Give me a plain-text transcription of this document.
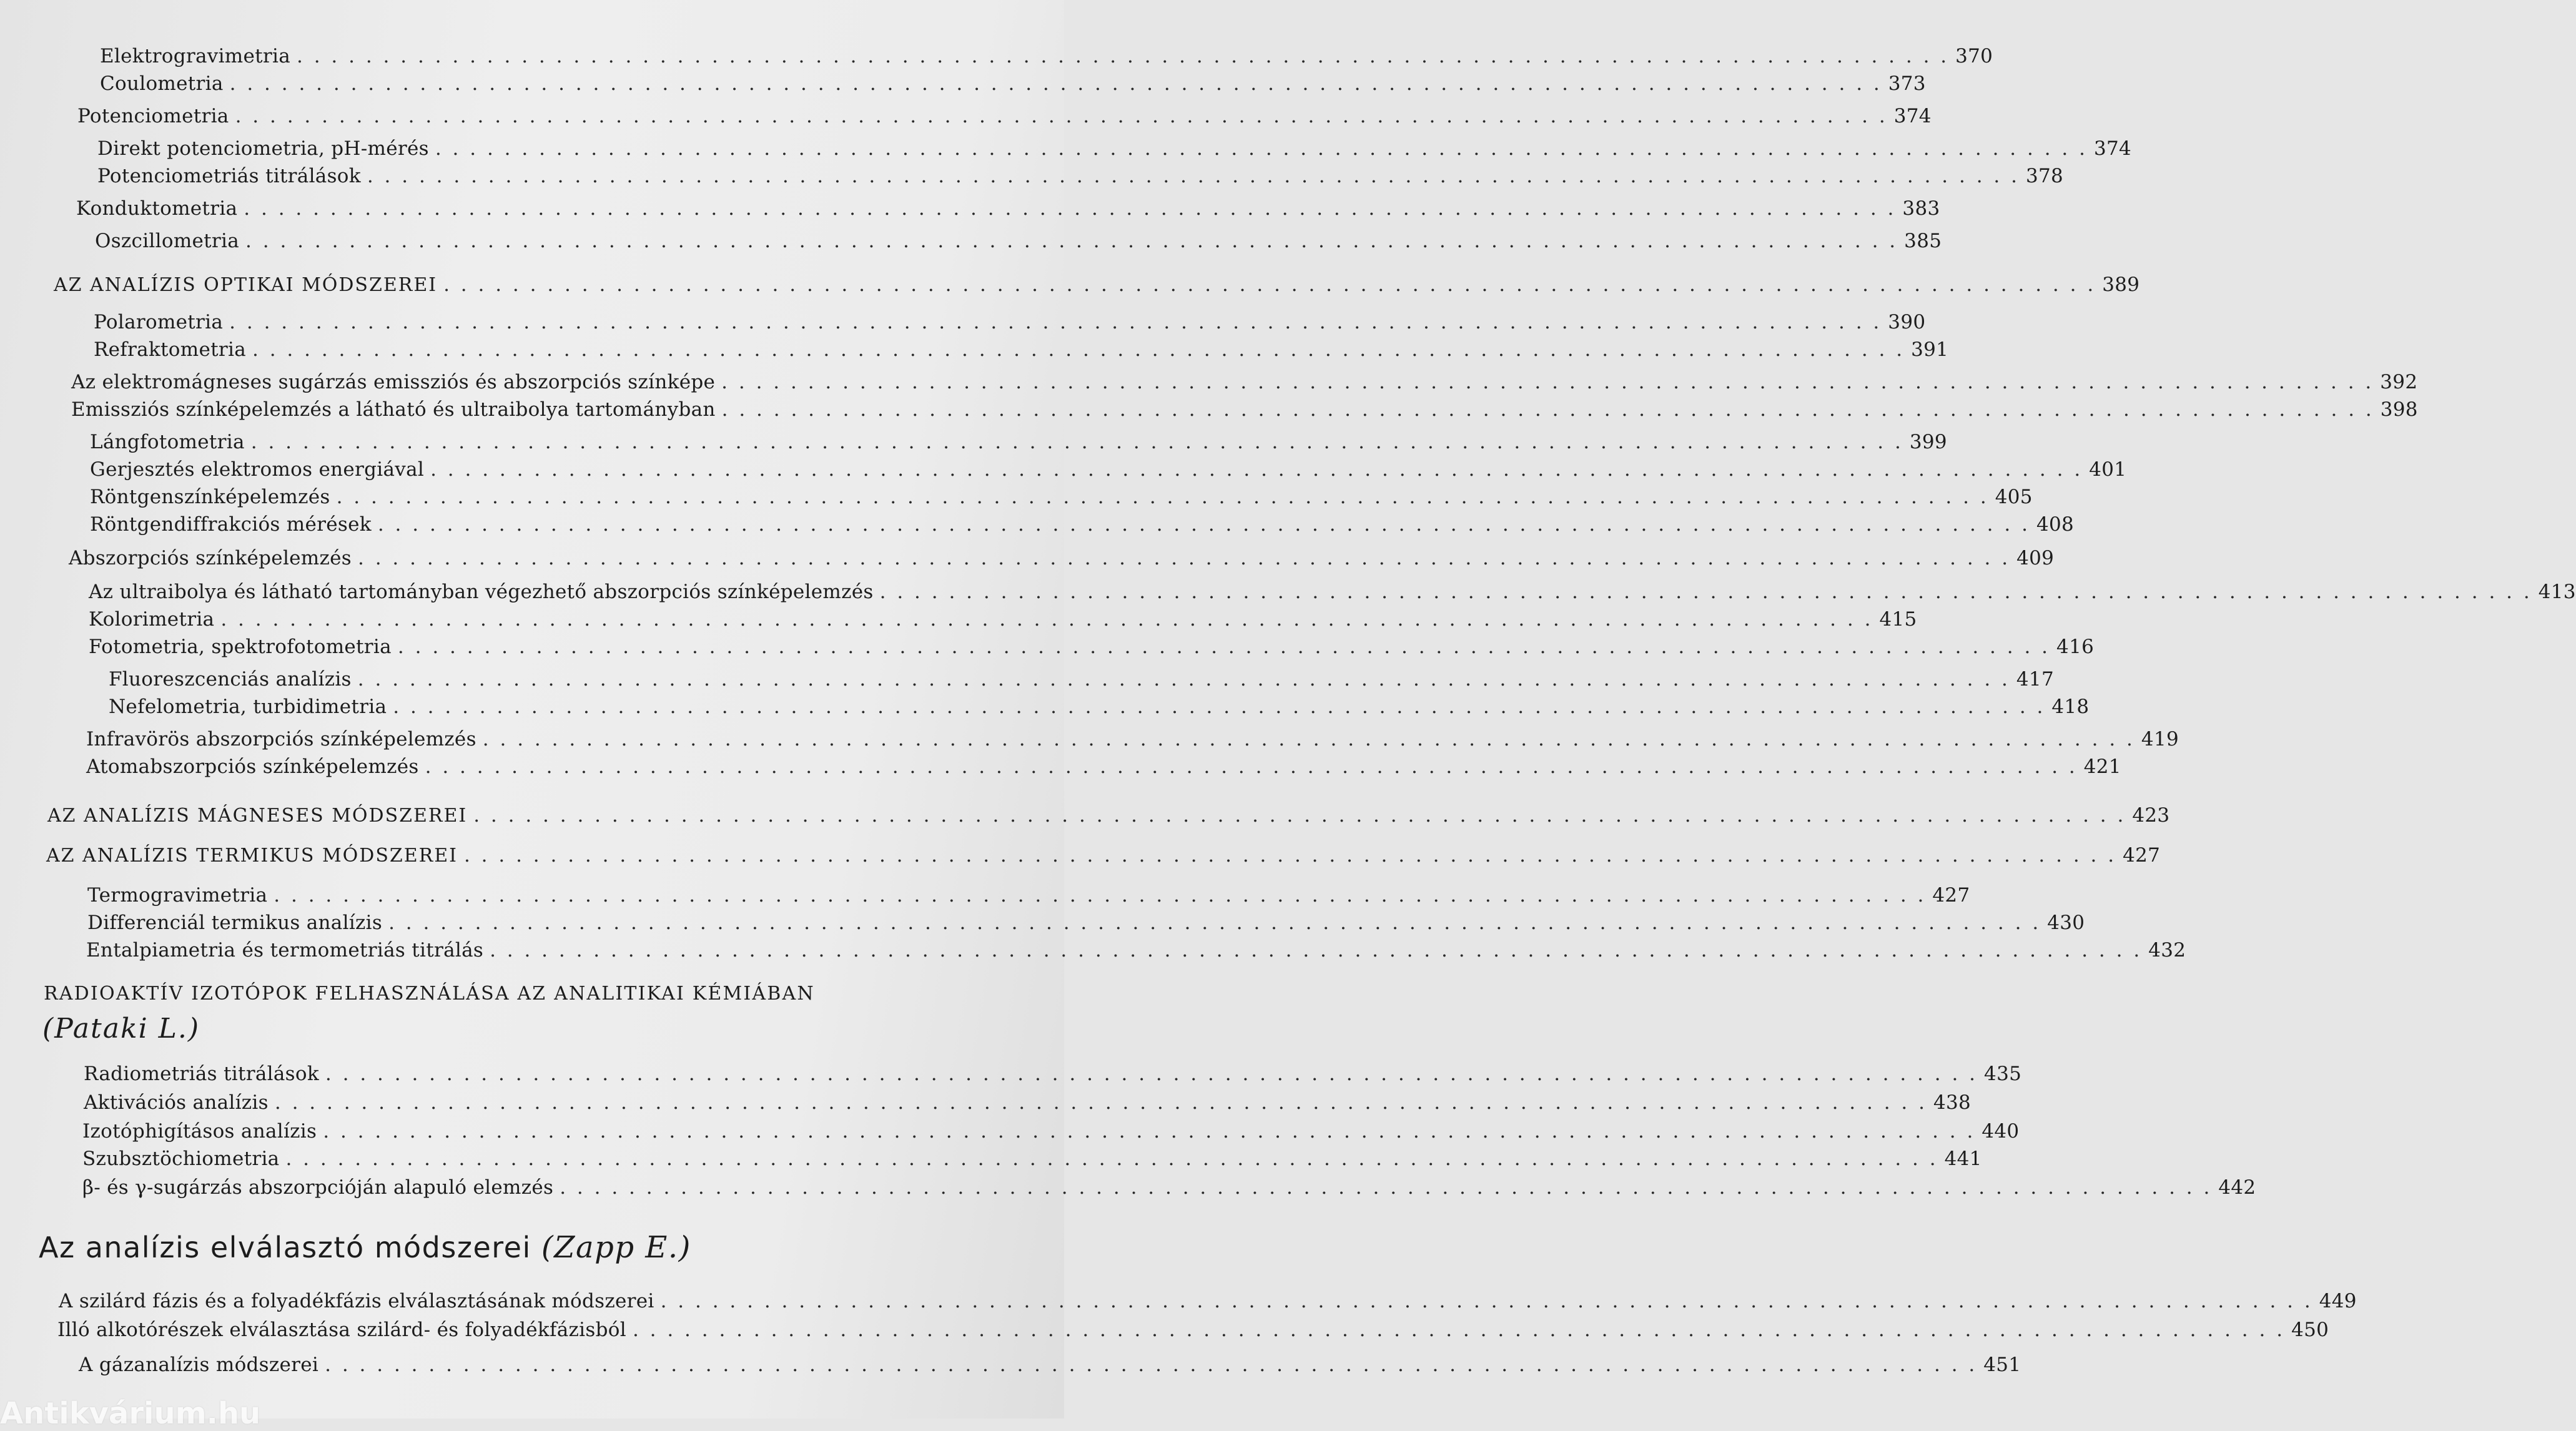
Elektrogravimetria . . . . . . . . . . . . . . . . . . . . . . . . . . . . . . . . . . . . . . . . . . . . . . . . . . . . . . . . . . . . . . . . . . . . . . . . . . . . . . . . . . . . . . . . . . . . . . . . 370
Coulometria . . . . . . . . . . . . . . . . . . . . . . . . . . . . . . . . . . . . . . . . . . . . . . . . . . . . . . . . . . . . . . . . . . . . . . . . . . . . . . . . . . . . . . . . . . . . . . . . 373
Potenciometria . . . . . . . . . . . . . . . . . . . . . . . . . . . . . . . . . . . . . . . . . . . . . . . . . . . . . . . . . . . . . . . . . . . . . . . . . . . . . . . . . . . . . . . . . . . . . . . . 374
Direkt potenciometria, pH-mérés . . . . . . . . . . . . . . . . . . . . . . . . . . . . . . . . . . . . . . . . . . . . . . . . . . . . . . . . . . . . . . . . . . . . . . . . . . . . . . . . . . . . . . . . . . . . . . . . 374
Potenciometriás titrálások . . . . . . . . . . . . . . . . . . . . . . . . . . . . . . . . . . . . . . . . . . . . . . . . . . . . . . . . . . . . . . . . . . . . . . . . . . . . . . . . . . . . . . . . . . . . . . . . 378
Konduktometria . . . . . . . . . . . . . . . . . . . . . . . . . . . . . . . . . . . . . . . . . . . . . . . . . . . . . . . . . . . . . . . . . . . . . . . . . . . . . . . . . . . . . . . . . . . . . . . . 383
Oszcillometria . . . . . . . . . . . . . . . . . . . . . . . . . . . . . . . . . . . . . . . . . . . . . . . . . . . . . . . . . . . . . . . . . . . . . . . . . . . . . . . . . . . . . . . . . . . . . . . . 385
AZ ANALÍZIS OPTIKAI MÓDSZEREI . . . . . . . . . . . . . . . . . . . . . . . . . . . . . . . . . . . . . . . . . . . . . . . . . . . . . . . . . . . . . . . . . . . . . . . . . . . . . . . . . . . . . . . . . . . . . . . . 389
Polarometria . . . . . . . . . . . . . . . . . . . . . . . . . . . . . . . . . . . . . . . . . . . . . . . . . . . . . . . . . . . . . . . . . . . . . . . . . . . . . . . . . . . . . . . . . . . . . . . . 390
Refraktometria . . . . . . . . . . . . . . . . . . . . . . . . . . . . . . . . . . . . . . . . . . . . . . . . . . . . . . . . . . . . . . . . . . . . . . . . . . . . . . . . . . . . . . . . . . . . . . . . 391
Az elektromágneses sugárzás emissziós és abszorpciós színképe . . . . . . . . . . . . . . . . . . . . . . . . . . . . . . . . . . . . . . . . . . . . . . . . . . . . . . . . . . . . . . . . . . . . . . . . . . . . . . . . . . . . . . . . . . . . . . . . 392
Emissziós színképelemzés a látható és ultraibolya tartományban . . . . . . . . . . . . . . . . . . . . . . . . . . . . . . . . . . . . . . . . . . . . . . . . . . . . . . . . . . . . . . . . . . . . . . . . . . . . . . . . . . . . . . . . . . . . . . . . 398
Lángfotometria . . . . . . . . . . . . . . . . . . . . . . . . . . . . . . . . . . . . . . . . . . . . . . . . . . . . . . . . . . . . . . . . . . . . . . . . . . . . . . . . . . . . . . . . . . . . . . . . 399
Gerjesztés elektromos energiával . . . . . . . . . . . . . . . . . . . . . . . . . . . . . . . . . . . . . . . . . . . . . . . . . . . . . . . . . . . . . . . . . . . . . . . . . . . . . . . . . . . . . . . . . . . . . . . . 401
Röntgenszínképelemzés . . . . . . . . . . . . . . . . . . . . . . . . . . . . . . . . . . . . . . . . . . . . . . . . . . . . . . . . . . . . . . . . . . . . . . . . . . . . . . . . . . . . . . . . . . . . . . . . 405
Röntgendiffrakciós mérések . . . . . . . . . . . . . . . . . . . . . . . . . . . . . . . . . . . . . . . . . . . . . . . . . . . . . . . . . . . . . . . . . . . . . . . . . . . . . . . . . . . . . . . . . . . . . . . . 408
Abszorpciós színképelemzés . . . . . . . . . . . . . . . . . . . . . . . . . . . . . . . . . . . . . . . . . . . . . . . . . . . . . . . . . . . . . . . . . . . . . . . . . . . . . . . . . . . . . . . . . . . . . . . . 409
Az ultraibolya és látható tartományban végezhető abszorpciós színképelemzés . . . . . . . . . . . . . . . . . . . . . . . . . . . . . . . . . . . . . . . . . . . . . . . . . . . . . . . . . . . . . . . . . . . . . . . . . . . . . . . . . . . . . . . . . . . . . . . . 413
Kolorimetria . . . . . . . . . . . . . . . . . . . . . . . . . . . . . . . . . . . . . . . . . . . . . . . . . . . . . . . . . . . . . . . . . . . . . . . . . . . . . . . . . . . . . . . . . . . . . . . . 415
Fotometria, spektrofotometria . . . . . . . . . . . . . . . . . . . . . . . . . . . . . . . . . . . . . . . . . . . . . . . . . . . . . . . . . . . . . . . . . . . . . . . . . . . . . . . . . . . . . . . . . . . . . . . . 416
Fluoreszcenciás analízis . . . . . . . . . . . . . . . . . . . . . . . . . . . . . . . . . . . . . . . . . . . . . . . . . . . . . . . . . . . . . . . . . . . . . . . . . . . . . . . . . . . . . . . . . . . . . . . . 417
Nefelometria, turbidimetria . . . . . . . . . . . . . . . . . . . . . . . . . . . . . . . . . . . . . . . . . . . . . . . . . . . . . . . . . . . . . . . . . . . . . . . . . . . . . . . . . . . . . . . . . . . . . . . . 418
Infravörös abszorpciós színképelemzés . . . . . . . . . . . . . . . . . . . . . . . . . . . . . . . . . . . . . . . . . . . . . . . . . . . . . . . . . . . . . . . . . . . . . . . . . . . . . . . . . . . . . . . . . . . . . . . . 419
Atomabszorpciós színképelemzés . . . . . . . . . . . . . . . . . . . . . . . . . . . . . . . . . . . . . . . . . . . . . . . . . . . . . . . . . . . . . . . . . . . . . . . . . . . . . . . . . . . . . . . . . . . . . . . . 421
AZ ANALÍZIS MÁGNESES MÓDSZEREI . . . . . . . . . . . . . . . . . . . . . . . . . . . . . . . . . . . . . . . . . . . . . . . . . . . . . . . . . . . . . . . . . . . . . . . . . . . . . . . . . . . . . . . . . . . . . . . . 423
AZ ANALÍZIS TERMIKUS MÓDSZEREI . . . . . . . . . . . . . . . . . . . . . . . . . . . . . . . . . . . . . . . . . . . . . . . . . . . . . . . . . . . . . . . . . . . . . . . . . . . . . . . . . . . . . . . . . . . . . . . . 427
Termogravimetria . . . . . . . . . . . . . . . . . . . . . . . . . . . . . . . . . . . . . . . . . . . . . . . . . . . . . . . . . . . . . . . . . . . . . . . . . . . . . . . . . . . . . . . . . . . . . . . . 427
Differenciál termikus analízis . . . . . . . . . . . . . . . . . . . . . . . . . . . . . . . . . . . . . . . . . . . . . . . . . . . . . . . . . . . . . . . . . . . . . . . . . . . . . . . . . . . . . . . . . . . . . . . . 430
Entalpiametria és termometriás titrálás . . . . . . . . . . . . . . . . . . . . . . . . . . . . . . . . . . . . . . . . . . . . . . . . . . . . . . . . . . . . . . . . . . . . . . . . . . . . . . . . . . . . . . . . . . . . . . . . 432
RADIOAKTÍV IZOTÓPOK FELHASZNÁLÁSA AZ ANALITIKAI KÉMIÁBAN
(Pataki L.)
Radiometriás titrálások . . . . . . . . . . . . . . . . . . . . . . . . . . . . . . . . . . . . . . . . . . . . . . . . . . . . . . . . . . . . . . . . . . . . . . . . . . . . . . . . . . . . . . . . . . . . . . . . 435
Aktivációs analízis . . . . . . . . . . . . . . . . . . . . . . . . . . . . . . . . . . . . . . . . . . . . . . . . . . . . . . . . . . . . . . . . . . . . . . . . . . . . . . . . . . . . . . . . . . . . . . . . 438
Izotóphigításos analízis . . . . . . . . . . . . . . . . . . . . . . . . . . . . . . . . . . . . . . . . . . . . . . . . . . . . . . . . . . . . . . . . . . . . . . . . . . . . . . . . . . . . . . . . . . . . . . . . 440
Szubsztöchiometria . . . . . . . . . . . . . . . . . . . . . . . . . . . . . . . . . . . . . . . . . . . . . . . . . . . . . . . . . . . . . . . . . . . . . . . . . . . . . . . . . . . . . . . . . . . . . . . . 441
β- és γ-sugárzás abszorpcióján alapuló elemzés . . . . . . . . . . . . . . . . . . . . . . . . . . . . . . . . . . . . . . . . . . . . . . . . . . . . . . . . . . . . . . . . . . . . . . . . . . . . . . . . . . . . . . . . . . . . . . . . 442
Az analízis elválasztó módszerei (Zapp E.)
A szilárd fázis és a folyadékfázis elválasztásának módszerei . . . . . . . . . . . . . . . . . . . . . . . . . . . . . . . . . . . . . . . . . . . . . . . . . . . . . . . . . . . . . . . . . . . . . . . . . . . . . . . . . . . . . . . . . . . . . . . . 449
Illó alkotórészek elválasztása szilárd- és folyadékfázisból . . . . . . . . . . . . . . . . . . . . . . . . . . . . . . . . . . . . . . . . . . . . . . . . . . . . . . . . . . . . . . . . . . . . . . . . . . . . . . . . . . . . . . . . . . . . . . . . 450
A gázanalízis módszerei . . . . . . . . . . . . . . . . . . . . . . . . . . . . . . . . . . . . . . . . . . . . . . . . . . . . . . . . . . . . . . . . . . . . . . . . . . . . . . . . . . . . . . . . . . . . . . . . 451
Antikvárium.hu
